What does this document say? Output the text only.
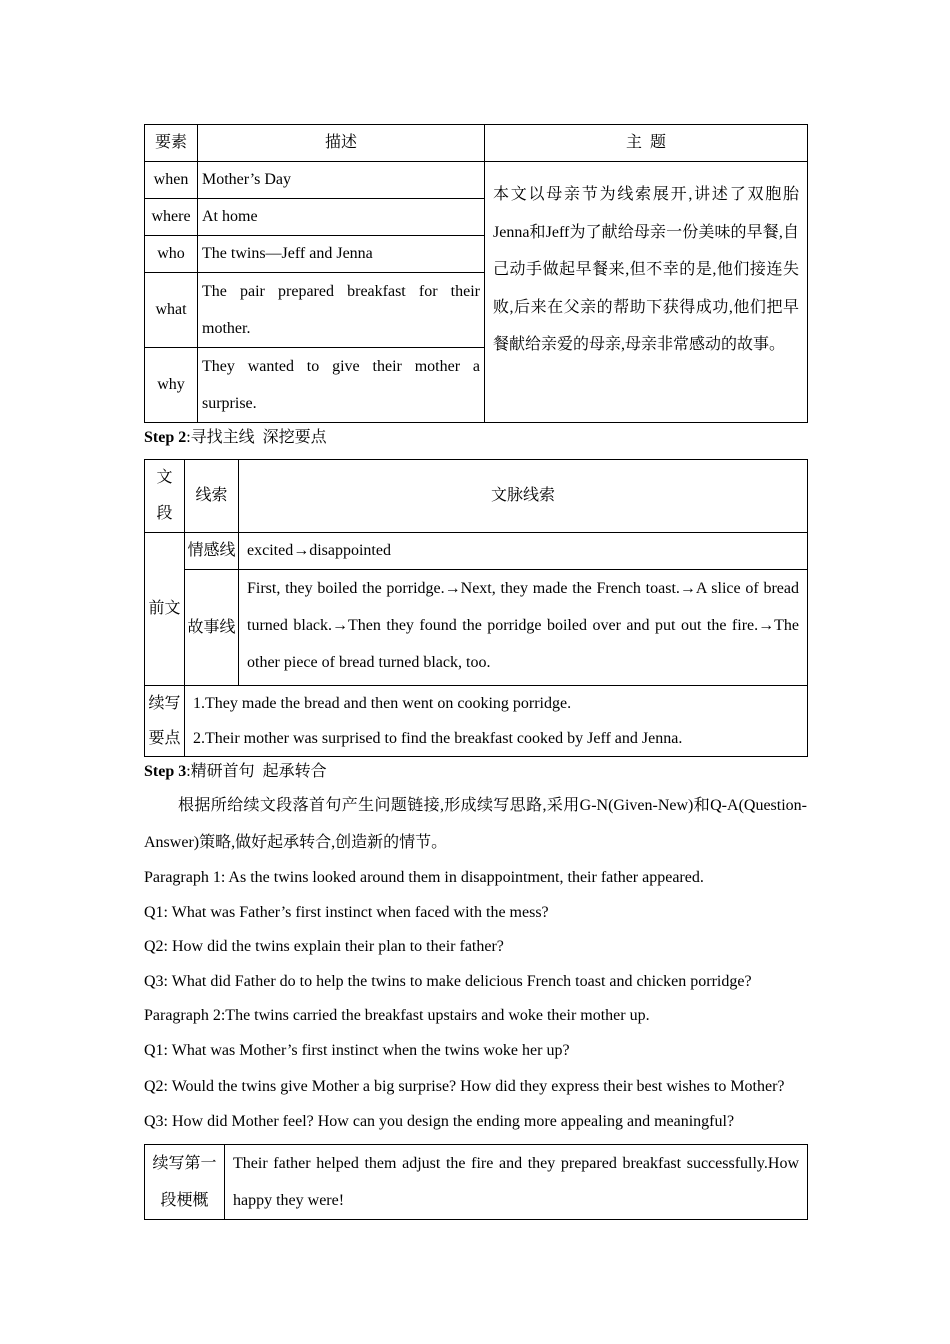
要素	描述	主  题
when	Mother’s Day	本文以母亲节为线索展开,讲述了双胞胎Jenna和Jeff为了献给母亲一份美味的早餐,自己动手做起早餐来,但不幸的是,他们接连失败,后来在父亲的帮助下获得成功,他们把早餐献给亲爱的母亲,母亲非常感动的故事。
where	At home	
who	The twins—Jeff and Jenna	
what	The pair prepared breakfast for their mother.	
why	They wanted to give their mother a surprise.	

Step 2:寻找主线  深挖要点

文段	线索	文脉线索
前文	情感线	excited→disappointed
	故事线	First, they boiled the porridge.→Next, they made the French toast.→A slice of bread turned black.→Then they found the porridge boiled over and put out the fire.→The other piece of bread turned black, too.
续写要点	1.They made the bread and then went on cooking porridge.
2.Their mother was surprised to find the breakfast cooked by Jeff and Jenna.	

Step 3:精研首句  起承转合

根据所给续文段落首句产生问题链接,形成续写思路,采用G-N(Given-New)和Q-A(Question-Answer)策略,做好起承转合,创造新的情节。

Paragraph 1: As the twins looked around them in disappointment, their father appeared.

Q1: What was Father’s first instinct when faced with the mess?

Q2: How did the twins explain their plan to their father?

Q3: What did Father do to help the twins to make delicious French toast and chicken porridge?

Paragraph 2:The twins carried the breakfast upstairs and woke their mother up.

Q1: What was Mother’s first instinct when the twins woke her up?

Q2: Would the twins give Mother a big surprise? How did they express their best wishes to Mother?

Q3: How did Mother feel? How can you design the ending more appealing and meaningful?

续写第一段梗概	Their father helped them adjust the fire and they prepared breakfast successfully.How happy they were!
